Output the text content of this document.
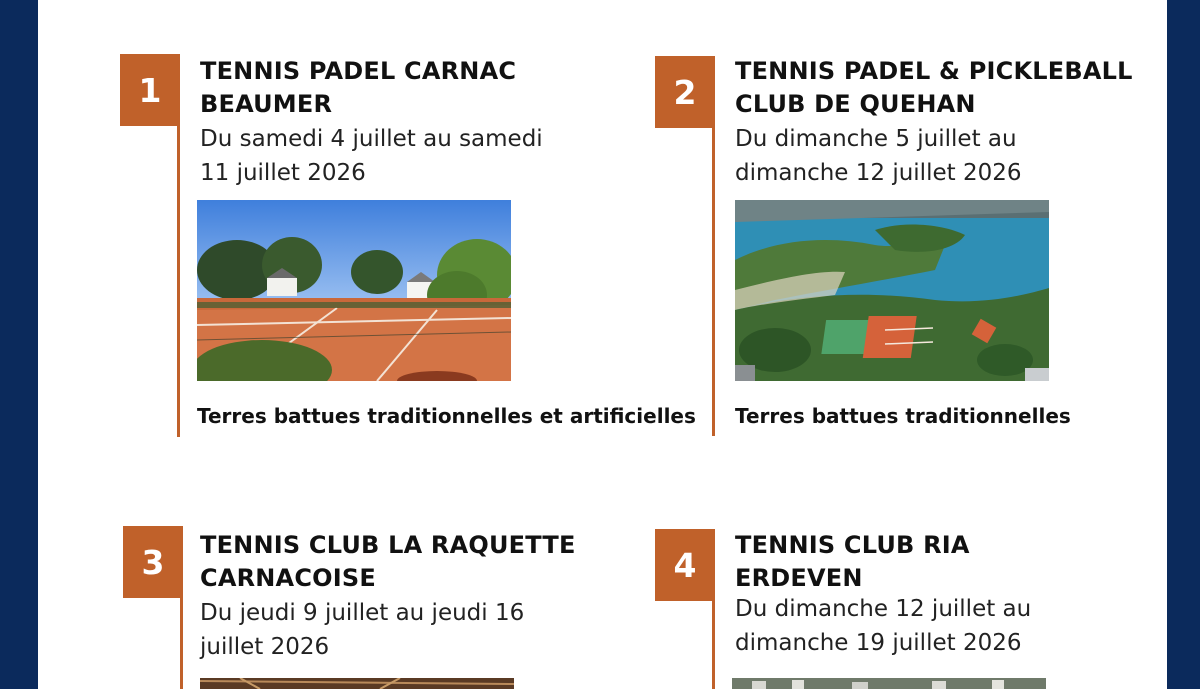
1	TENNIS PADEL CARNAC
BEAUMER

Du samedi 4 juillet au samedi
11 juillet 2026

Terres battues traditionnelles et artificielles

2

TENNIS PADEL & PICKLEBALL
CLUB DE QUEHAN

Du dimanche 5 juillet au
dimanche 12 juillet 2026

Terres battues traditionnelles

3	TENNIS CLUB LA RAQUETTE
CARNACOISE

Du jeudi 9 juillet au jeudi 16
juillet 2026

4

TENNIS CLUB RIA
ERDEVEN

Du dimanche 12 juillet au
dimanche 19 juillet 2026
